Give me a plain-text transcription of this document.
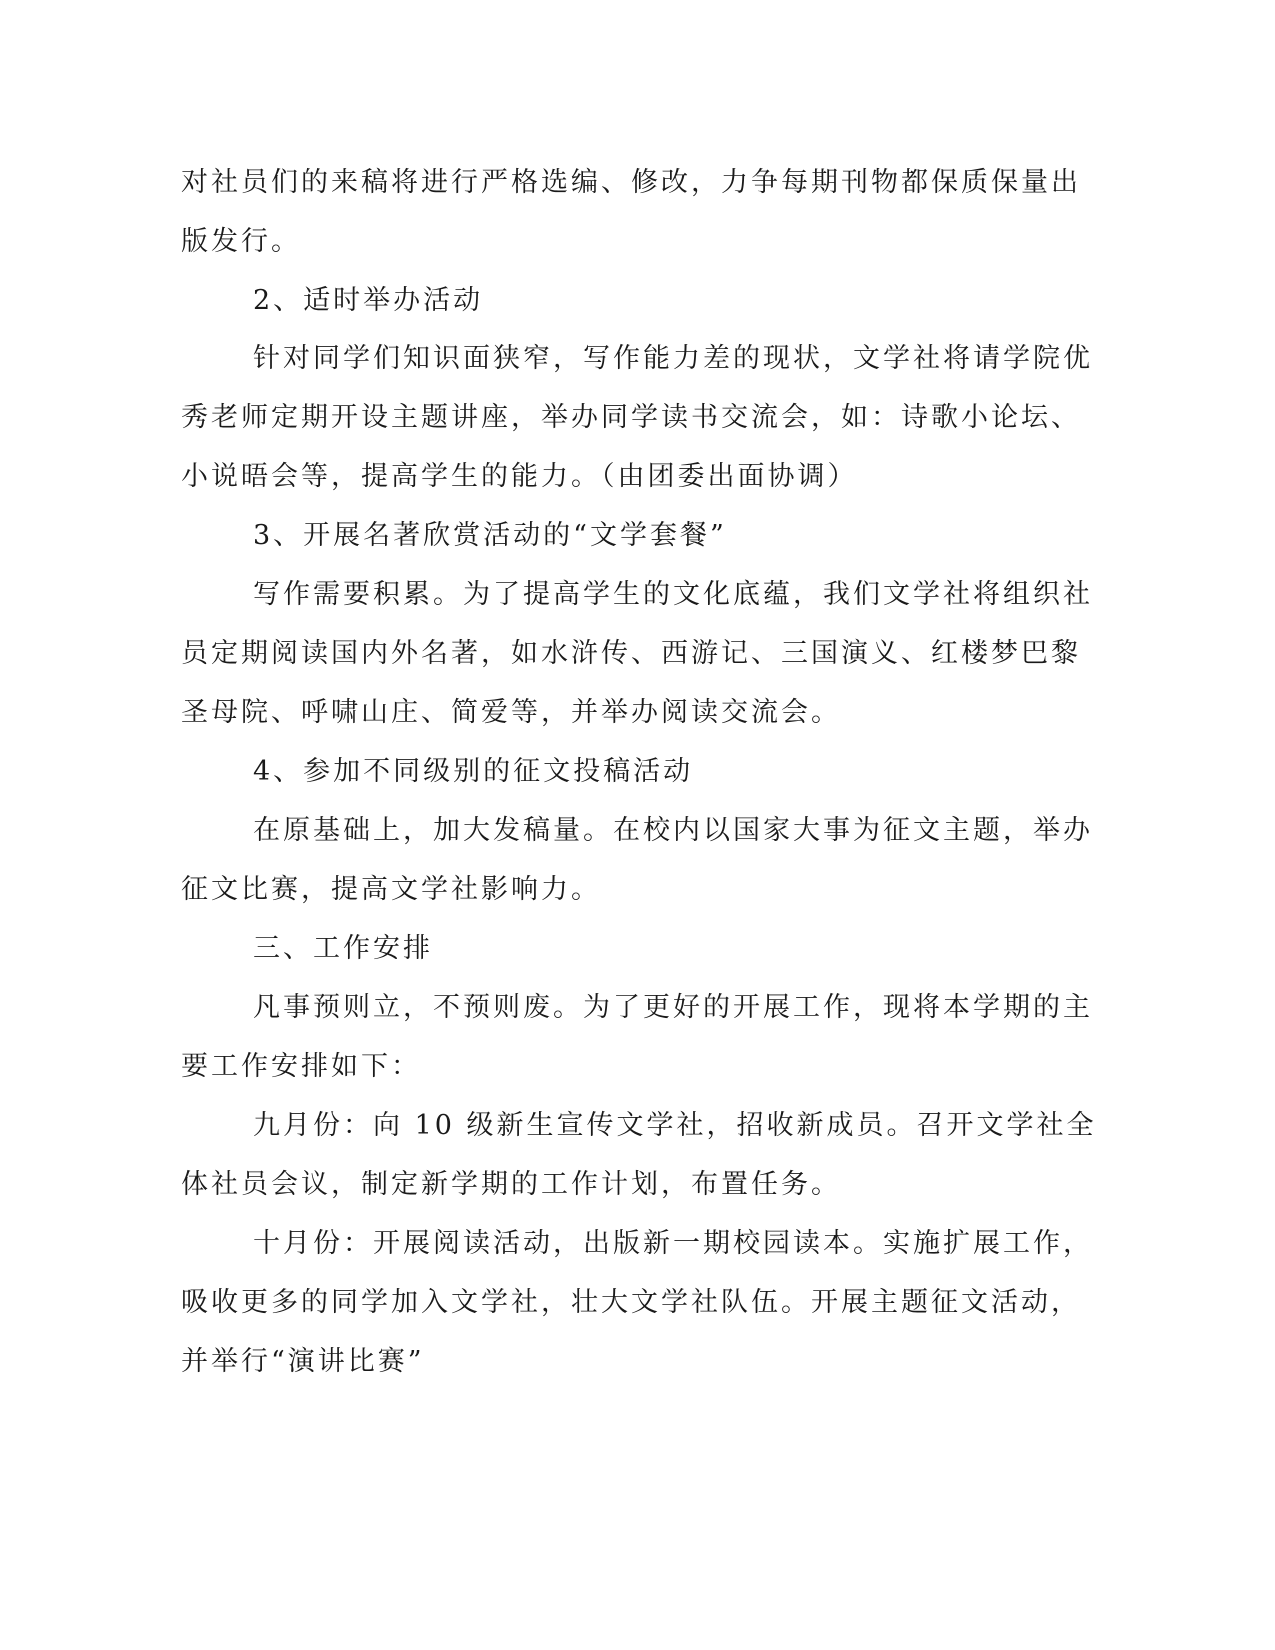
对社员们的来稿将进行严格选编、修改，力争每期刊物都保质保量出
版发行。
2、适时举办活动
针对同学们知识面狭窄，写作能力差的现状，文学社将请学院优
秀老师定期开设主题讲座，举办同学读书交流会，如：诗歌小论坛、
小说晤会等，提高学生的能力。（由团委出面协调）
3、开展名著欣赏活动的“文学套餐”
写作需要积累。为了提高学生的文化底蕴，我们文学社将组织社
员定期阅读国内外名著，如水浒传、西游记、三国演义、红楼梦巴黎
圣母院、呼啸山庄、简爱等，并举办阅读交流会。
4、参加不同级别的征文投稿活动
在原基础上，加大发稿量。在校内以国家大事为征文主题，举办
征文比赛，提高文学社影响力。
三、工作安排
凡事预则立，不预则废。为了更好的开展工作，现将本学期的主
要工作安排如下：
九月份：向 10 级新生宣传文学社，招收新成员。召开文学社全
体社员会议，制定新学期的工作计划，布置任务。
十月份：开展阅读活动，出版新一期校园读本。实施扩展工作，
吸收更多的同学加入文学社，壮大文学社队伍。开展主题征文活动，
并举行“演讲比赛”
